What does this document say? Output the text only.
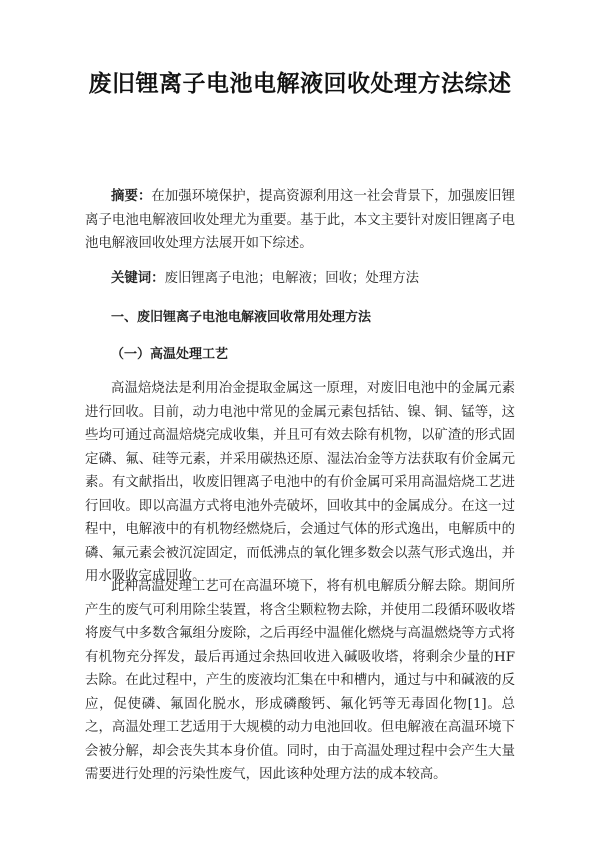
废旧锂离子电池电解液回收处理方法综述
摘要：在加强环境保护，提高资源利用这一社会背景下，加强废旧锂离子电池电解液回收处理尤为重要。基于此，本文主要针对废旧锂离子电池电解液回收处理方法展开如下综述。
关键词：废旧锂离子电池；电解液；回收；处理方法
一、废旧锂离子电池电解液回收常用处理方法
（一）高温处理工艺
高温焙烧法是利用冶金提取金属这一原理，对废旧电池中的金属元素进行回收。目前，动力电池中常见的金属元素包括钴、镍、铜、锰等，这些均可通过高温焙烧完成收集，并且可有效去除有机物，以矿渣的形式固定磷、氟、硅等元素，并采用碳热还原、湿法冶金等方法获取有价金属元素。有文献指出，收废旧锂离子电池中的有价金属可采用高温焙烧工艺进行回收。即以高温方式将电池外壳破坏，回收其中的金属成分。在这一过程中，电解液中的有机物经燃烧后，会通过气体的形式逸出，电解质中的磷、氟元素会被沉淀固定，而低沸点的氧化锂多数会以蒸气形式逸出，并用水吸收完成回收。
此种高温处理工艺可在高温环境下，将有机电解质分解去除。期间所产生的废气可利用除尘装置，将含尘颗粒物去除，并使用二段循环吸收塔将废气中多数含氟组分废除，之后再经中温催化燃烧与高温燃烧等方式将有机物充分挥发，最后再通过余热回收进入碱吸收塔，将剩余少量的HF去除。在此过程中，产生的废液均汇集在中和槽内，通过与中和碱液的反应，促使磷、氟固化脱水，形成磷酸钙、氟化钙等无毒固化物[1]。总之，高温处理工艺适用于大规模的动力电池回收。但电解液在高温环境下会被分解，却会丧失其本身价值。同时，由于高温处理过程中会产生大量需要进行处理的污染性废气，因此该种处理方法的成本较高。
